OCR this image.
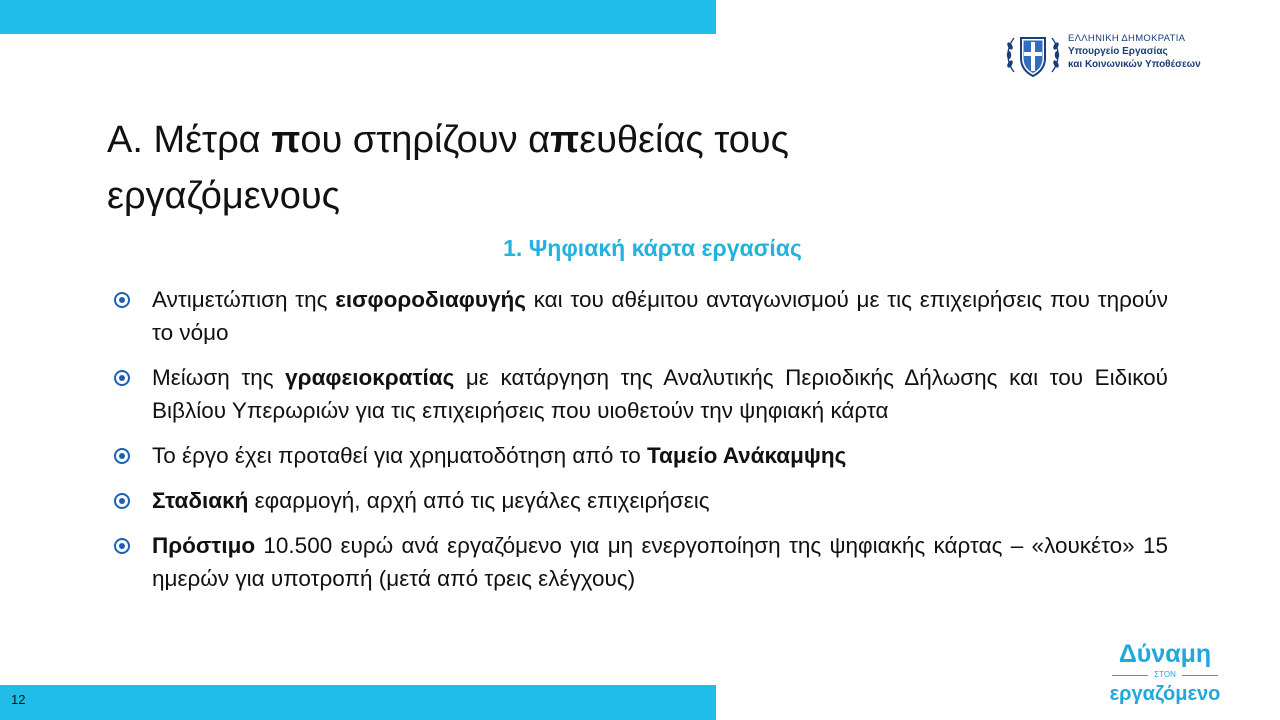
ΕΛΛΗΝΙΚΗ ΔΗΜΟΚΡΑΤΙΑ
Υπουργείο Εργασίας
και Κοινωνικών Υποθέσεων
Α. Μέτρα που στηρίζουν απευθείας τους εργαζόμενους
1. Ψηφιακή κάρτα εργασίας
Αντιμετώπιση της εισφοροδιαφυγής και του αθέμιτου ανταγωνισμού με τις επιχειρήσεις που τηρούν το νόμο
Μείωση της γραφειοκρατίας με κατάργηση της Αναλυτικής Περιοδικής Δήλωσης και του Ειδικού Βιβλίου Υπερωριών για τις επιχειρήσεις που υιοθετούν την ψηφιακή κάρτα
Το έργο έχει προταθεί για χρηματοδότηση από το Ταμείο Ανάκαμψης
Σταδιακή εφαρμογή, αρχή από τις μεγάλες επιχειρήσεις
Πρόστιμο 10.500 ευρώ ανά εργαζόμενο για μη ενεργοποίηση της ψηφιακής κάρτας – «λουκέτο» 15 ημερών για υποτροπή (μετά από τρεις ελέγχους)
12
Δύναμη
ΣΤΟΝ
εργαζόμενο
